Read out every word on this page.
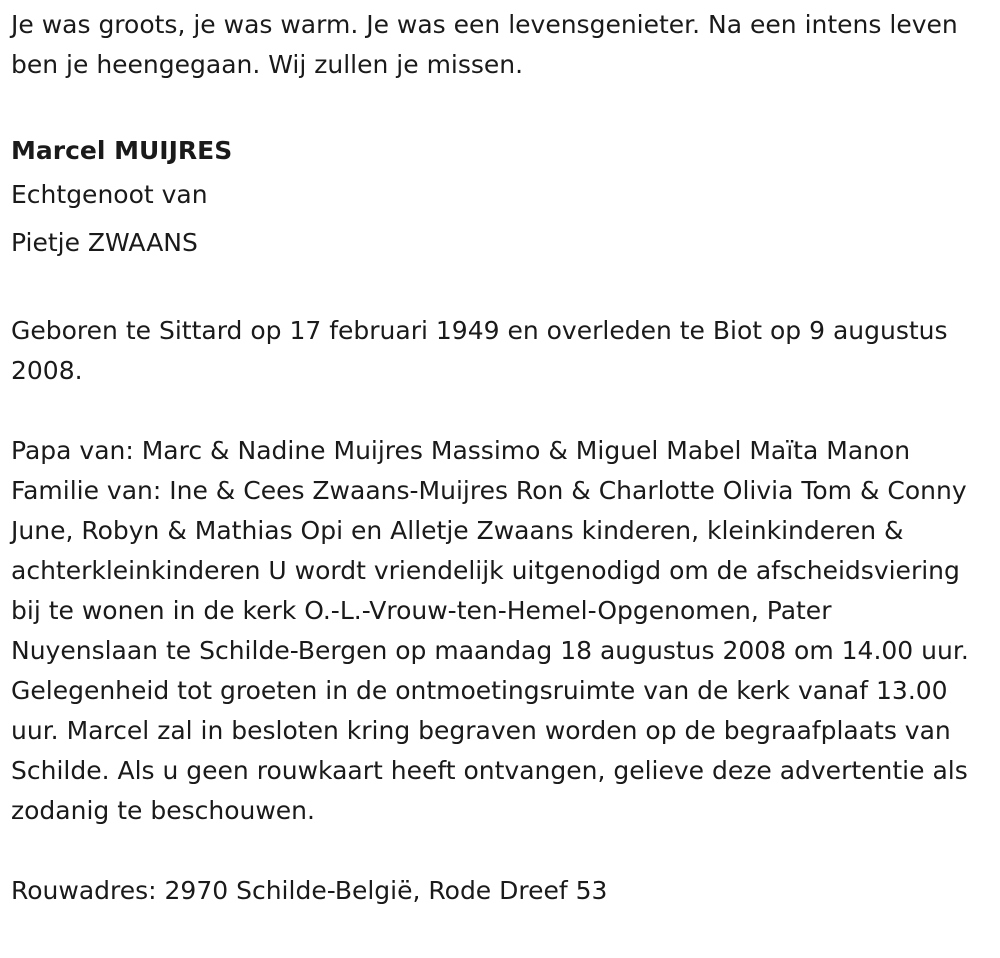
Je was groots, je was warm. Je was een levensgenieter. Na een intens leven ben je heengegaan. Wij zullen je missen.

Marcel MUIJRES

Echtgenoot van

Pietje ZWAANS

Geboren te Sittard op 17 februari 1949 en overleden te Biot op 9 augustus 2008.

Papa van: Marc & Nadine Muijres Massimo & Miguel Mabel Maïta Manon Familie van: Ine & Cees Zwaans-Muijres Ron & Charlotte Olivia Tom & Conny June, Robyn & Mathias Opi en Alletje Zwaans kinderen, kleinkinderen & achterkleinkinderen U wordt vriendelijk uitgenodigd om de afscheidsviering bij te wonen in de kerk O.-L.-Vrouw-ten-Hemel-Opgenomen, Pater Nuyenslaan te Schilde-Bergen op maandag 18 augustus 2008 om 14.00 uur. Gelegenheid tot groeten in de ontmoetingsruimte van de kerk vanaf 13.00 uur. Marcel zal in besloten kring begraven worden op de begraafplaats van Schilde. Als u geen rouwkaart heeft ontvangen, gelieve deze advertentie als zodanig te beschouwen.

Rouwadres: 2970 Schilde-België, Rode Dreef 53
